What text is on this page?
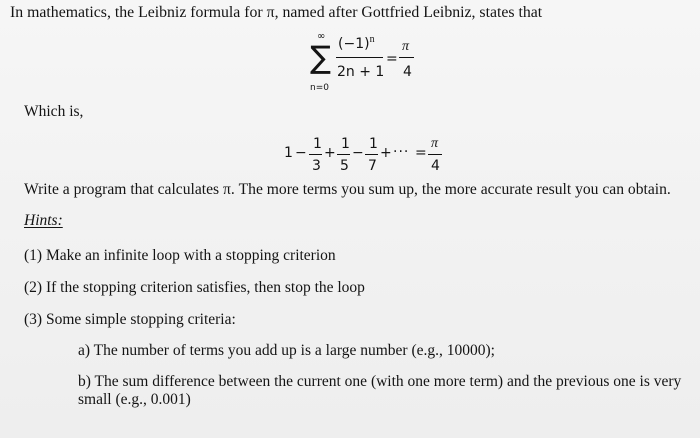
In mathematics, the Leibniz formula for π, named after Gottfried Leibniz, states that
∞
∑
n=0
$(-1)^n$
2n + 1
=
π
4
Which is,
1 −
1
3
+
1
5
−
1
7
+ ··· =
π
4
Write a program that calculates π. The more terms you sum up, the more accurate result you can obtain.
Hints:
(1) Make an infinite loop with a stopping criterion
(2) If the stopping criterion satisfies, then stop the loop
(3) Some simple stopping criteria:
a) The number of terms you add up is a large number (e.g., 10000);
b) The sum difference between the current one (with one more term) and the previous one is very
small (e.g., 0.001)
